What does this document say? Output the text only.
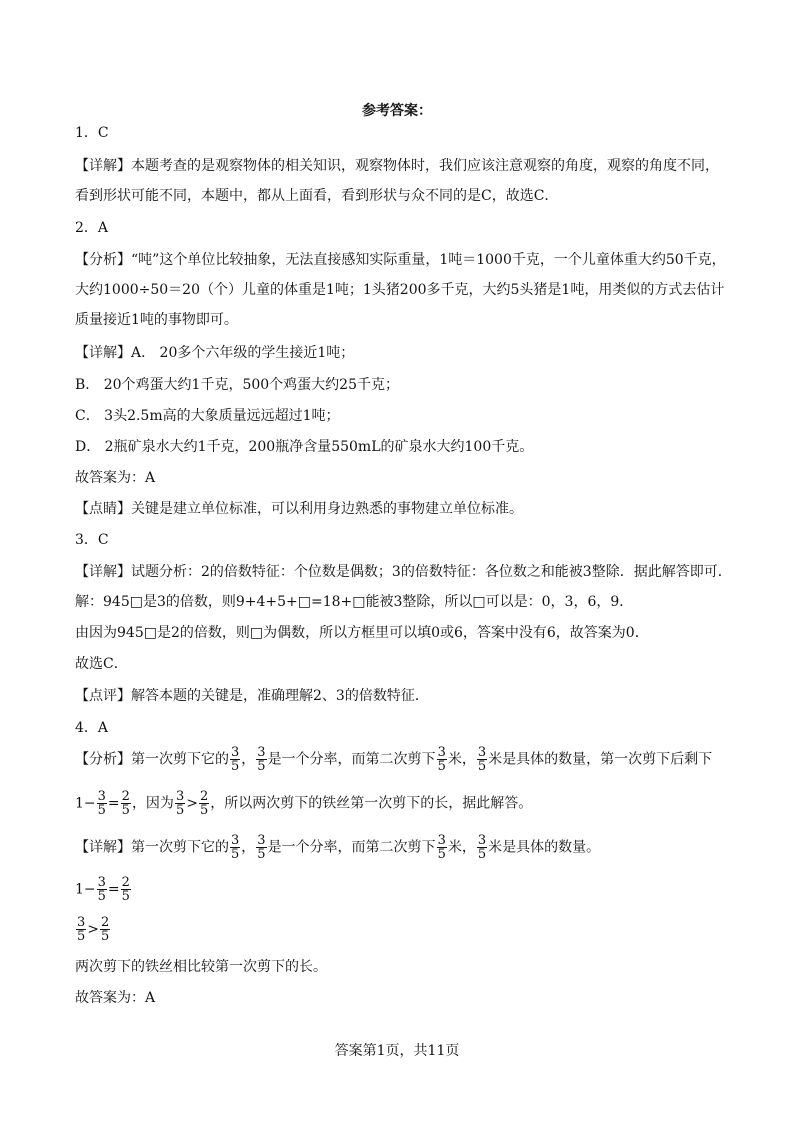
参考答案：
1．C
【详解】本题考查的是观察物体的相关知识，观察物体时，我们应该注意观察的角度，观察的角度不同，
看到形状可能不同，本题中，都从上面看，看到形状与众不同的是C，故选C．
2．A
【分析】“吨”这个单位比较抽象，无法直接感知实际重量，1吨＝1000千克，一个儿童体重大约50千克，
大约1000÷50＝20（个）儿童的体重是1吨；1头猪200多千克，大约5头猪是1吨，用类似的方式去估计
质量接近1吨的事物即可。
【详解】A． 20多个六年级的学生接近1吨；
B． 20个鸡蛋大约1千克，500个鸡蛋大约25千克；
C． 3头2.5m高的大象质量远远超过1吨；
D． 2瓶矿泉水大约1千克，200瓶净含量550mL的矿泉水大约100千克。
故答案为：A
【点睛】关键是建立单位标准，可以利用身边熟悉的事物建立单位标准。
3．C
【详解】试题分析：2的倍数特征：个位数是偶数；3的倍数特征：各位数之和能被3整除．据此解答即可．
解：945□是3的倍数，则9+4+5+□=18+□能被3整除，所以□可以是：0，3，6，9．
由因为945□是2的倍数，则□为偶数，所以方框里可以填0或6，答案中没有6，故答案为0．
故选C．
【点评】解答本题的关键是，准确理解2、3的倍数特征．
4．A
【分析】第一次剪下它的 $\frac{3}{5}$ ， $\frac{3}{5}$ 是一个分率，而第二次剪下 $\frac{3}{5}$ 米， $\frac{3}{5}$ 米是具体的数量，第一次剪下后剩下
$1- \frac{3}{5} = \frac{2}{5}$ ，因为 $\frac{3}{5} > \frac{2}{5}$ ，所以两次剪下的铁丝第一次剪下的长，据此解答。
【详解】第一次剪下它的 $\frac{3}{5}$ ， $\frac{3}{5}$ 是一个分率，而第二次剪下 $\frac{3}{5}$ 米， $\frac{3}{5}$ 米是具体的数量。
$1- \frac{3}{5} = \frac{2}{5}$
$\frac{3}{5} > \frac{2}{5}$
两次剪下的铁丝相比较第一次剪下的长。
故答案为：A
答案第1页，共11页
